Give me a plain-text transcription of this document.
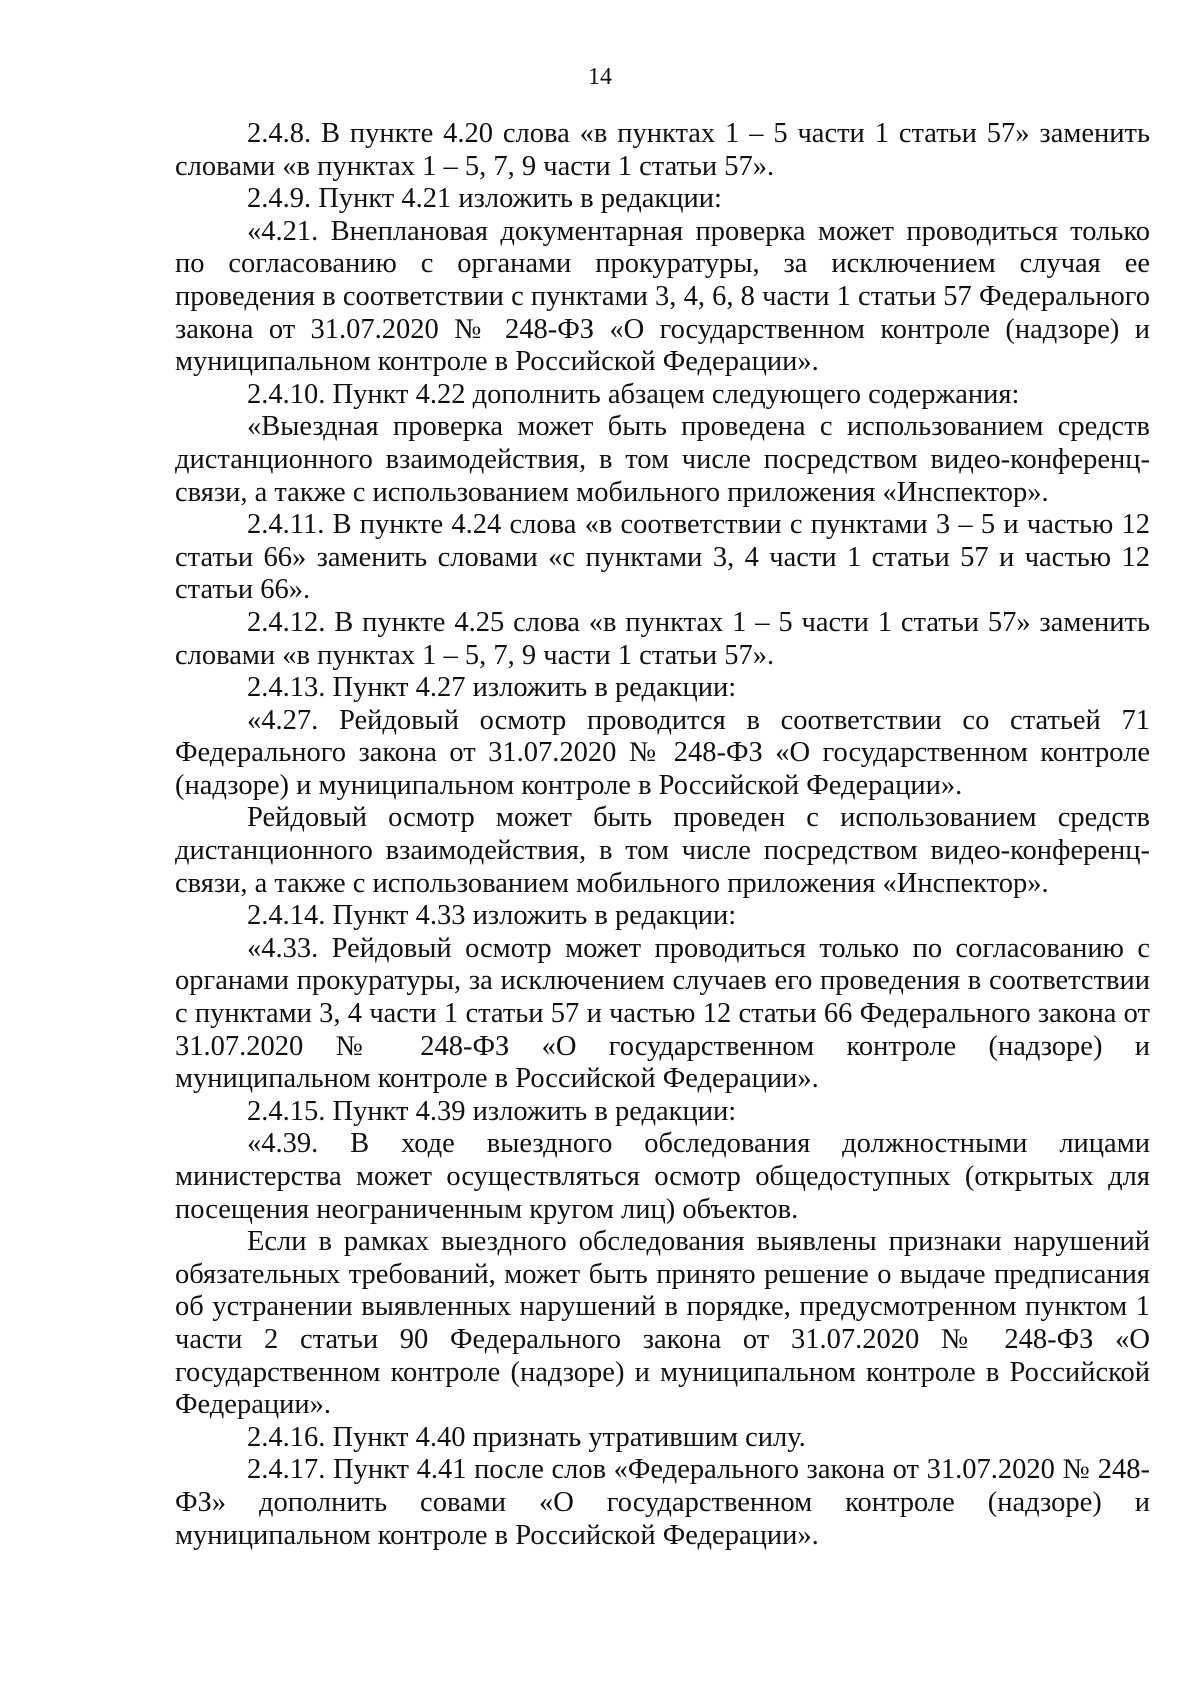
14

2.4.8. В пункте 4.20 слова «в пунктах 1 – 5 части 1 статьи 57» заменить словами «в пунктах 1 – 5, 7, 9 части 1 статьи 57».

2.4.9. Пункт 4.21 изложить в редакции:

«4.21. Внеплановая документарная проверка может проводиться только по согласованию с органами прокуратуры, за исключением случая ее проведения в соответствии с пунктами 3, 4, 6, 8 части 1 статьи 57 Федерального закона от 31.07.2020 № 248-ФЗ «О государственном контроле (надзоре) и муниципальном контроле в Российской Федерации».

2.4.10. Пункт 4.22 дополнить абзацем следующего содержания:

«Выездная проверка может быть проведена с использованием средств дистанционного взаимодействия, в том числе посредством видео-конференц-связи, а также с использованием мобильного приложения «Инспектор».

2.4.11. В пункте 4.24 слова «в соответствии с пунктами 3 – 5 и частью 12 статьи 66» заменить словами «с пунктами 3, 4 части 1 статьи 57 и частью 12 статьи 66».

2.4.12. В пункте 4.25 слова «в пунктах 1 – 5 части 1 статьи 57» заменить словами «в пунктах 1 – 5, 7, 9 части 1 статьи 57».

2.4.13. Пункт 4.27 изложить в редакции:

«4.27. Рейдовый осмотр проводится в соответствии со статьей 71 Федерального закона от 31.07.2020 № 248-ФЗ «О государственном контроле (надзоре) и муниципальном контроле в Российской Федерации».

Рейдовый осмотр может быть проведен с использованием средств дистанционного взаимодействия, в том числе посредством видео-конференц-связи, а также с использованием мобильного приложения «Инспектор».

2.4.14. Пункт 4.33 изложить в редакции:

«4.33. Рейдовый осмотр может проводиться только по согласованию с органами прокуратуры, за исключением случаев его проведения в соответствии с пунктами 3, 4 части 1 статьи 57 и частью 12 статьи 66 Федерального закона от 31.07.2020 № 248-ФЗ «О государственном контроле (надзоре) и муниципальном контроле в Российской Федерации».

2.4.15. Пункт 4.39 изложить в редакции:

«4.39. В ходе выездного обследования должностными лицами министерства может осуществляться осмотр общедоступных (открытых для посещения неограниченным кругом лиц) объектов.

Если в рамках выездного обследования выявлены признаки нарушений обязательных требований, может быть принято решение о выдаче предписания об устранении выявленных нарушений в порядке, предусмотренном пунктом 1 части 2 статьи 90 Федерального закона от 31.07.2020 № 248-ФЗ «О государственном контроле (надзоре) и муниципальном контроле в Российской Федерации».

2.4.16. Пункт 4.40 признать утратившим силу.

2.4.17. Пункт 4.41 после слов «Федерального закона от 31.07.2020 № 248-ФЗ» дополнить совами «О государственном контроле (надзоре) и муниципальном контроле в Российской Федерации».
